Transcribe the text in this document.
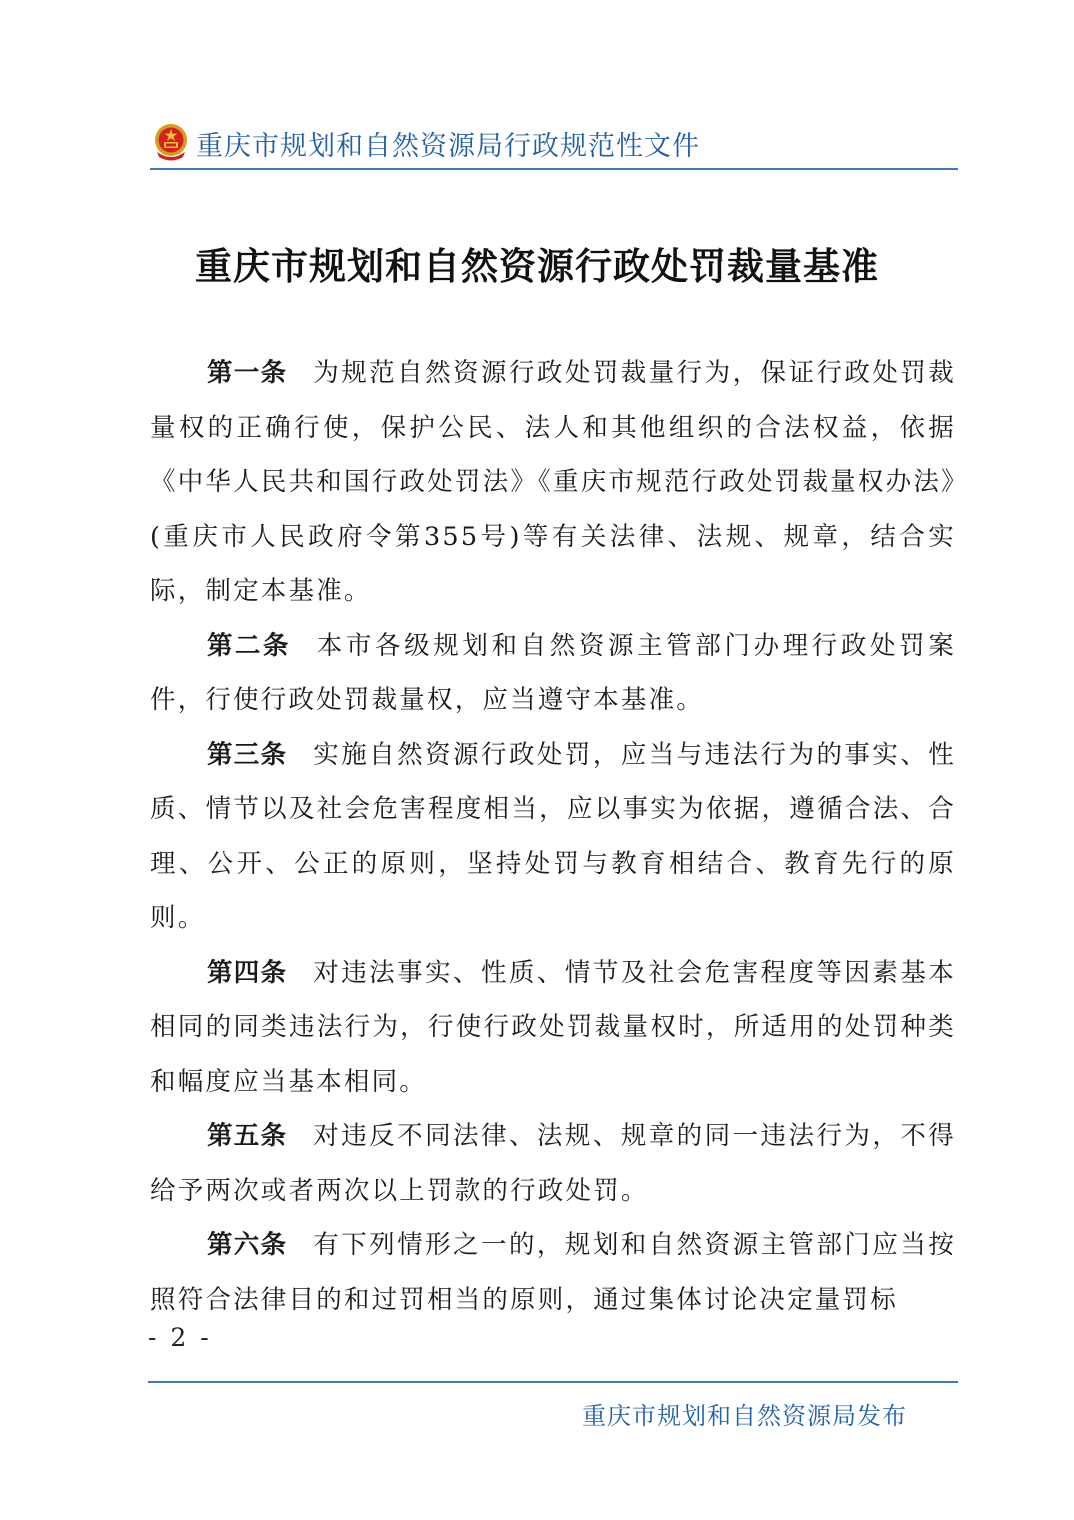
重庆市规划和自然资源局行政规范性文件
重庆市规划和自然资源行政处罚裁量基准

第一条 为规范自然资源行政处罚裁量行为，保证行政处罚裁量权的正确行使，保护公民、法人和其他组织的合法权益，依据《中华人民共和国行政处罚法》《重庆市规范行政处罚裁量权办法》(重庆市人民政府令第355号)等有关法律、法规、规章，结合实际，制定本基准。

第二条 本市各级规划和自然资源主管部门办理行政处罚案件，行使行政处罚裁量权，应当遵守本基准。

第三条 实施自然资源行政处罚，应当与违法行为的事实、性质、情节以及社会危害程度相当，应以事实为依据，遵循合法、合理、公开、公正的原则，坚持处罚与教育相结合、教育先行的原则。

第四条 对违法事实、性质、情节及社会危害程度等因素基本相同的同类违法行为，行使行政处罚裁量权时，所适用的处罚种类和幅度应当基本相同。

第五条 对违反不同法律、法规、规章的同一违法行为，不得给予两次或者两次以上罚款的行政处罚。

第六条 有下列情形之一的，规划和自然资源主管部门应当按照符合法律目的和过罚相当的原则，通过集体讨论决定量罚标

- 2 -
重庆市规划和自然资源局发布
